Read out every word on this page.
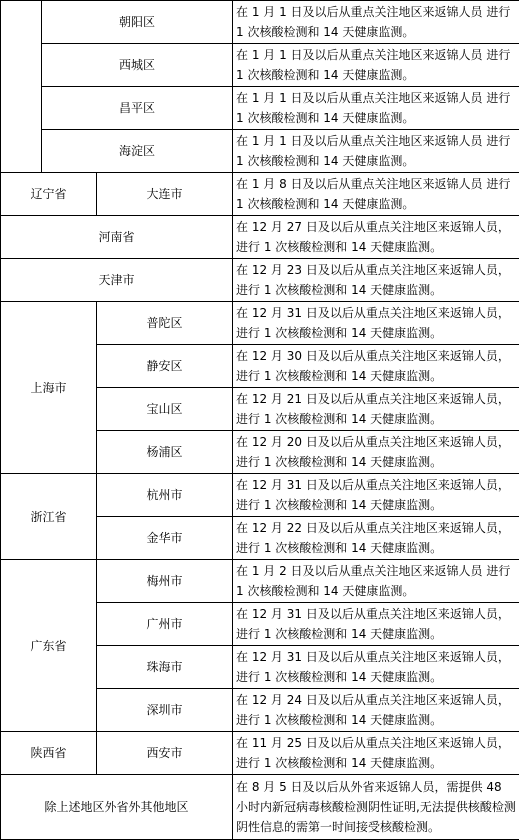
	朝阳区		在 1 月 1 日及以后从重点关注地区来返锦人员 进行 1 次核酸检测和 14 天健康监测。
	西城区		在 1 月 1 日及以后从重点关注地区来返锦人员 进行 1 次核酸检测和 14 天健康监测。
	昌平区		在 1 月 1 日及以后从重点关注地区来返锦人员 进行 1 次核酸检测和 14 天健康监测。
	海淀区		在 1 月 1 日及以后从重点关注地区来返锦人员 进行 1 次核酸检测和 14 天健康监测。
辽宁省		大连市	在 1 月 8 日及以后从重点关注地区来返锦人员 进行 1 次核酸检测和 14 天健康监测。
河南省			在 12 月 27 日及以后从重点关注地区来返锦人员，进行 1 次核酸检测和 14 天健康监测。
天津市			在 12 月 23 日及以后从重点关注地区来返锦人员，进行 1 次核酸检测和 14 天健康监测。
上海市		普陀区	在 12 月 31 日及以后从重点关注地区来返锦人员，进行 1 次核酸检测和 14 天健康监测。
		静安区	在 12 月 30 日及以后从重点关注地区来返锦人员，进行 1 次核酸检测和 14 天健康监测。
		宝山区	在 12 月 21 日及以后从重点关注地区来返锦人员，进行 1 次核酸检测和 14 天健康监测。
		杨浦区	在 12 月 20 日及以后从重点关注地区来返锦人员，进行 1 次核酸检测和 14 天健康监测。
浙江省		杭州市	在 12 月 31 日及以后从重点关注地区来返锦人员，进行 1 次核酸检测和 14 天健康监测。
		金华市	在 12 月 22 日及以后从重点关注地区来返锦人员，进行 1 次核酸检测和 14 天健康监测。
广东省		梅州市	在 1 月 2 日及以后从重点关注地区来返锦人员 进行 1 次核酸检测和 14 天健康监测。
		广州市	在 12 月 31 日及以后从重点关注地区来返锦人员，进行 1 次核酸检测和 14 天健康监测。
		珠海市	在 12 月 31 日及以后从重点关注地区来返锦人员，进行 1 次核酸检测和 14 天健康监测。
		深圳市	在 12 月 24 日及以后从重点关注地区来返锦人员，进行 1 次核酸检测和 14 天健康监测。
陕西省		西安市	在 11 月 25 日及以后从重点关注地区来返锦人员，进行 1 次核酸检测和 14 天健康监测。
除上述地区外省外其他地区			在 8 月 5 日及以后从外省来返锦人员，需提供 48 小时内新冠病毒核酸检测阴性证明,无法提供核酸检测阴性信息的需第一时间接受核酸检测。
